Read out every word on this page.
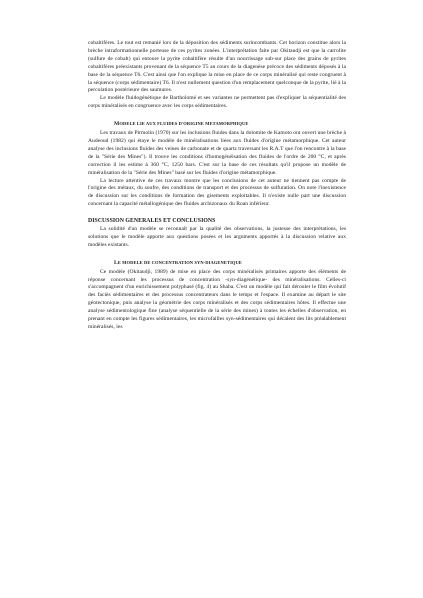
cobaltifères. Le tout est remanié lors de la déposition des sédiments surincombants. Cet horizon constitue alors la brèche intraformationnelle porteuse de ces pyrites zonées. L'interprétation faite par Okitaudji est que la carrolite (sulfure de cobalt) qui entoure la pyrite cobaltifère résulte d'un nourrissage sub-sur place des grains de pyrites cobaltifères préexistants provenant de la séquence T5 au cours de la diagenèse précoce des sédiments déposés à la base de la séquence T6. C'est ainsi que l'on explique la mise en place de ce corps minéralisé qui reste congruent à la séquence (corps sédimentaire) T6. Il n'est nullement question d'un remplacement quelconque de la pyrite, lié à la percolation postérieure des saumures.

Le modèle fluidogénétique de Bartholomé et ses variantes ne permettent pas d'expliquer la séquentialité des corps minéralisés en congruence avec les corps sédimentaires.

MODELE LIE AUX FLUIDES D'ORIGINE METAMORPHIQUE

Les travaux de Pirmolin (1970) sur les inclusions fluides dans la dolomite de Kamoto ont ouvert une brèche à Audeoud (1982) qui étaye le modèle de minéralisations liées aux fluides d'origine métamorphique. Cet auteur analyse des inclusions fluides des veines de carbonate et de quartz traversant les R.A.T que l'on rencontre à la base de la "Série des Mines"). Il trouve les conditions d'homogénéisation des fluides de l'ordre de 200 °C, et après correction il les estime à 360 °C, 1250 bars. C'est sur la base de ces résultats qu'il propose un modèle de minéralisation de la "Série des Mines" basé sur les fluides d'origine métamorphique.

La lecture attentive de ces travaux montre que les conclusions de cet auteur ne tiennent pas compte de l'origine des métaux, du soufre, des conditions de transport et des processus de sulfuration. On note l'inexistence de discussion sur les conditions de formation des gisements exploitables. Il n'existe nulle part une discussion concernant la capacité métallogénique des fluides archizonaux du Roan inférieur.

DISCUSSION GENERALES ET CONCLUSIONS

La solidité d'un modèle se reconnaît par la qualité des observations, la justesse des interprétations, les solutions que le modèle apporte aux questions posées et les arguments apportés à la discussion relative aux modèles existants.

LE MODELE DE CONCENTRATION SYN-DIAGENETIQUE

Ce modèle (Okitaudji, 1989) de mise en place des corps minéralisés primaires apporte des éléments de réponse concernant les processus de concentration -syn-diagénétique- des minéralisations. Celles-ci s'accompagnent d'un enrichissement polyphasé (fig. 4) au Shaba. C'est un modèle qui fait dérouler le film évolutif des faciès sédimentaires et des processus concentrateurs dans le temps et l'espace. Il examine au départ le site géotectonique, puis analyse la géométrie des corps minéralisés et des corps sédimentaires hôtes. Il effectue une analyse sédimentologique fine (analyse séquentielle de la série des mines) à toutes les échelles d'observation, en prenant en compte les figures sédimentaires, les microfailles syn-sédimentaires qui décalent des lits préalablement minéralisés, les
